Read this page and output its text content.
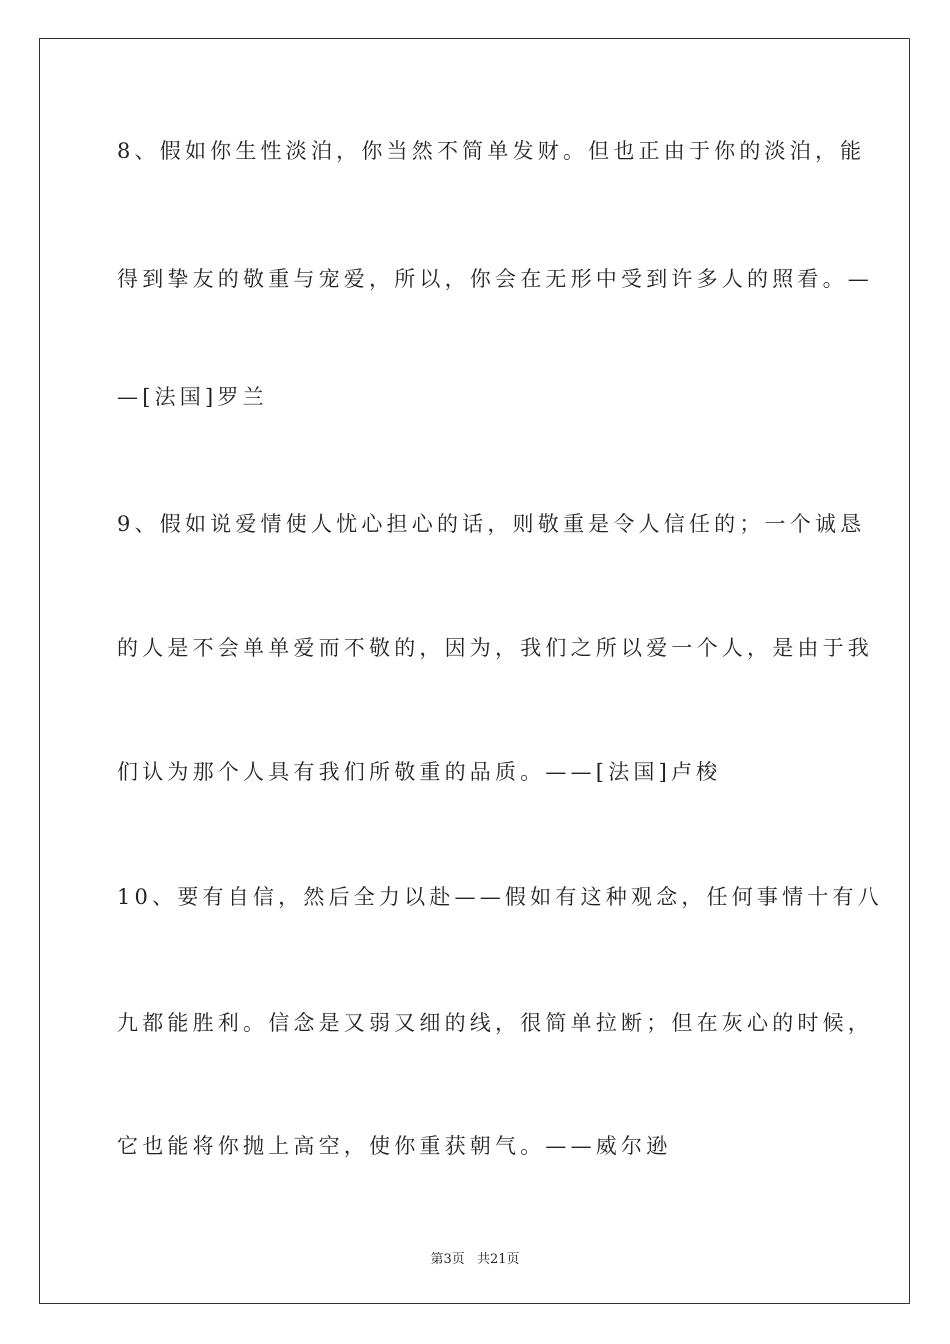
8、假如你生性淡泊，你当然不简单发财。但也正由于你的淡泊，能
得到挚友的敬重与宠爱，所以，你会在无形中受到许多人的照看。—
—[法国]罗兰
9、假如说爱情使人忧心担心的话，则敬重是令人信任的；一个诚恳
的人是不会单单爱而不敬的，因为，我们之所以爱一个人，是由于我
们认为那个人具有我们所敬重的品质。——[法国]卢梭
10、要有自信，然后全力以赴——假如有这种观念，任何事情十有八
九都能胜利。信念是又弱又细的线，很简单拉断；但在灰心的时候，
它也能将你抛上高空，使你重获朝气。——威尔逊
第3页 共21页
